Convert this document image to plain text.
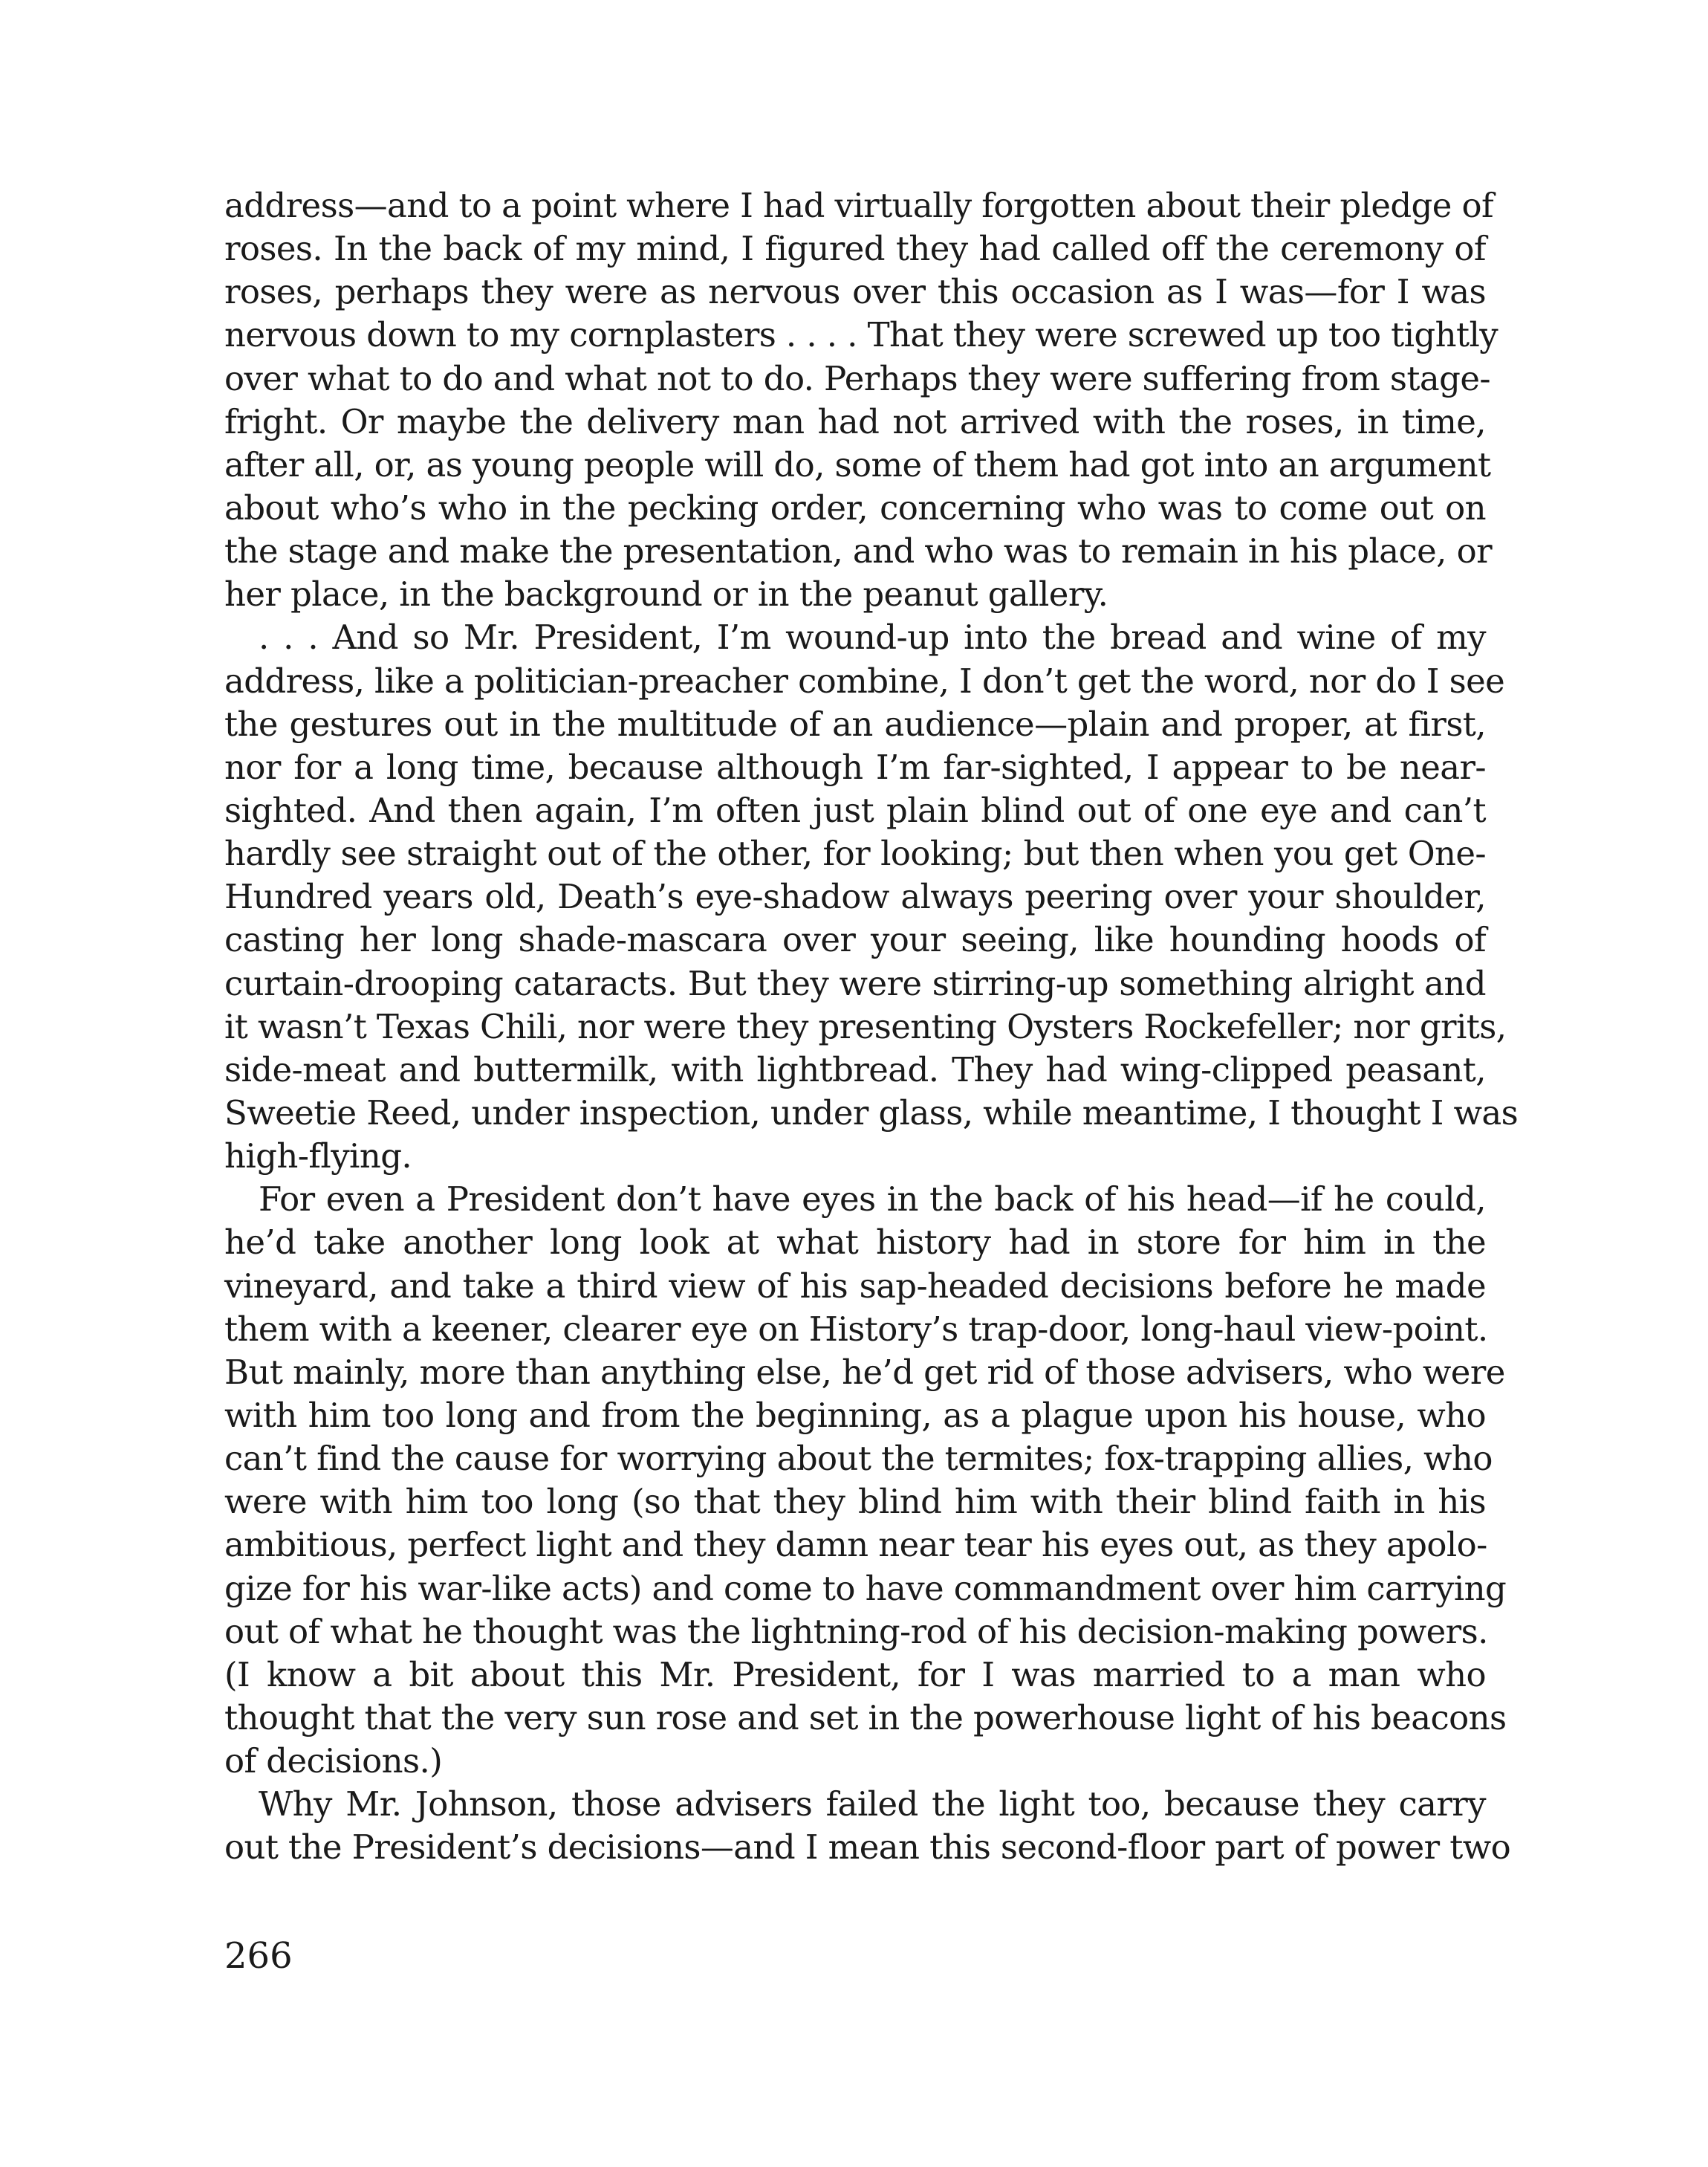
address—and to a point where I had virtually forgotten about their pledge of
roses. In the back of my mind, I figured they had called off the ceremony of
roses, perhaps they were as nervous over this occasion as I was—for I was
nervous down to my cornplasters . . . . That they were screwed up too tightly
over what to do and what not to do. Perhaps they were suffering from stage-
fright. Or maybe the delivery man had not arrived with the roses, in time,
after all, or, as young people will do, some of them had got into an argument
about who’s who in the pecking order, concerning who was to come out on
the stage and make the presentation, and who was to remain in his place, or
her place, in the background or in the peanut gallery.
. . . And so Mr. President, I’m wound-up into the bread and wine of my
address, like a politician-preacher combine, I don’t get the word, nor do I see
the gestures out in the multitude of an audience—plain and proper, at first,
nor for a long time, because although I’m far-sighted, I appear to be near-
sighted. And then again, I’m often just plain blind out of one eye and can’t
hardly see straight out of the other, for looking; but then when you get One-
Hundred years old, Death’s eye-shadow always peering over your shoulder,
casting her long shade-mascara over your seeing, like hounding hoods of
curtain-drooping cataracts. But they were stirring-up something alright and
it wasn’t Texas Chili, nor were they presenting Oysters Rockefeller; nor grits,
side-meat and buttermilk, with lightbread. They had wing-clipped peasant,
Sweetie Reed, under inspection, under glass, while meantime, I thought I was
high-flying.
For even a President don’t have eyes in the back of his head—if he could,
he’d take another long look at what history had in store for him in the
vineyard, and take a third view of his sap-headed decisions before he made
them with a keener, clearer eye on History’s trap-door, long-haul view-point.
But mainly, more than anything else, he’d get rid of those advisers, who were
with him too long and from the beginning, as a plague upon his house, who
can’t find the cause for worrying about the termites; fox-trapping allies, who
were with him too long (so that they blind him with their blind faith in his
ambitious, perfect light and they damn near tear his eyes out, as they apolo-
gize for his war-like acts) and come to have commandment over him carrying
out of what he thought was the lightning-rod of his decision-making powers.
(I know a bit about this Mr. President, for I was married to a man who
thought that the very sun rose and set in the powerhouse light of his beacons
of decisions.)
Why Mr. Johnson, those advisers failed the light too, because they carry
out the President’s decisions—and I mean this second-floor part of power two
266
